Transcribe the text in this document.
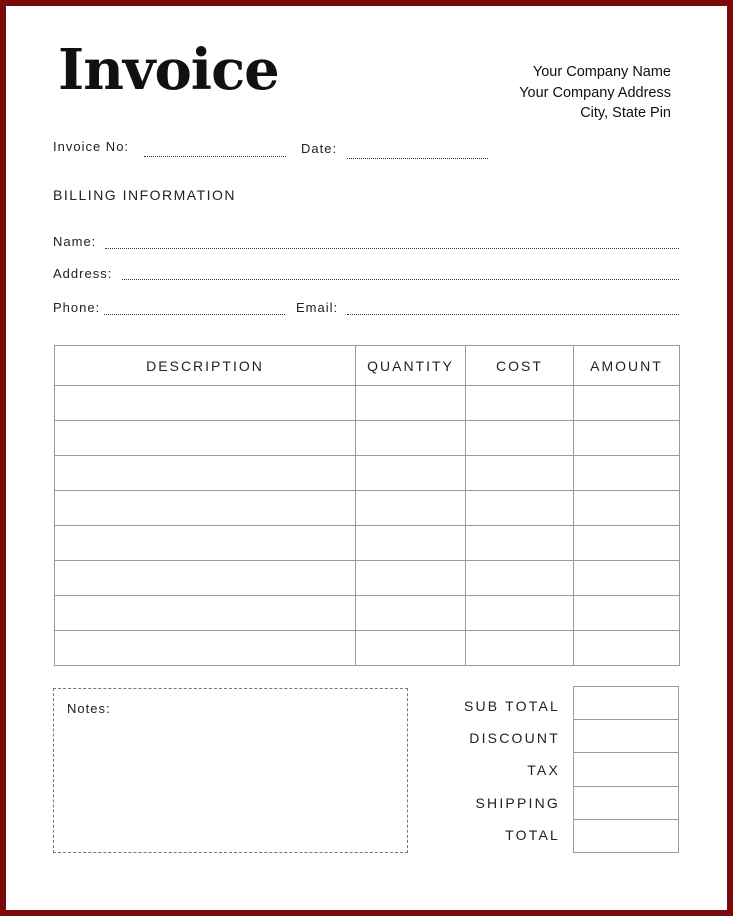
Invoice	Your Company Name
Your Company Address
City, State Pin
Invoice No:	Date:
BILLING INFORMATION
Name:
Address:
Phone:	Email:
DESCRIPTION	QUANTITY	COST	AMOUNT

Notes:	SUB TOTAL
DISCOUNT
TAX
SHIPPING
TOTAL
